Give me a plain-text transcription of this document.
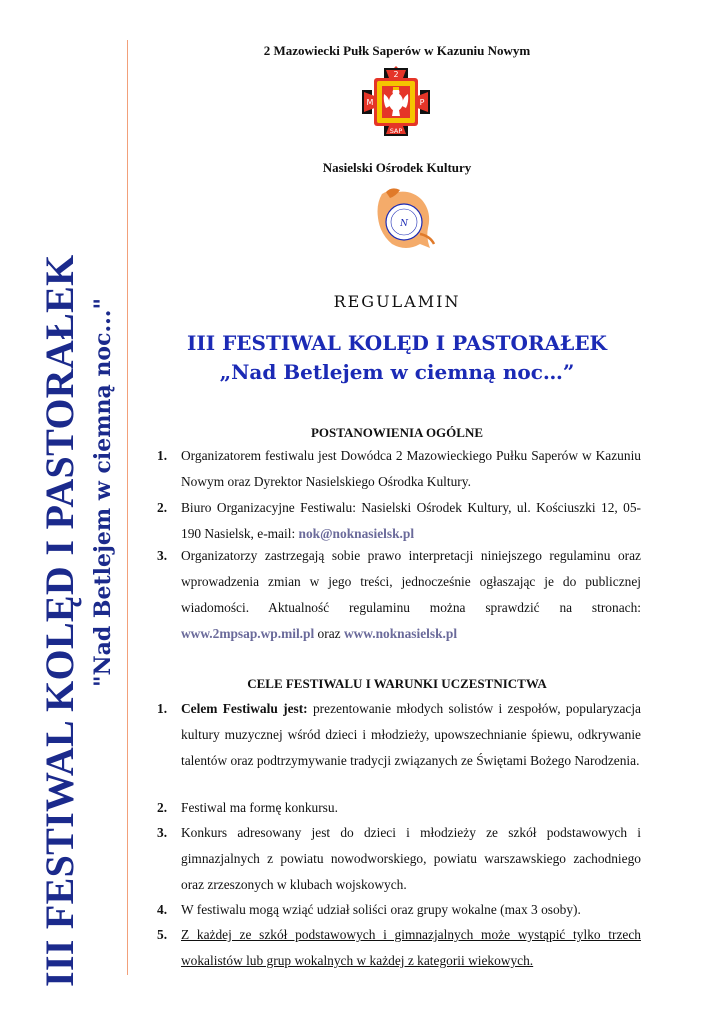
III FESTIWAL KOLĘD I PASTORAŁEK "Nad Betlejem w ciemną noc..."
2 Mazowiecki Pułk Saperów w Kazuniu Nowym
2
M	P
SAP
Nasielski Ośrodek Kultury
N
REGULAMIN
III FESTIWAL KOLĘD I PASTORAŁEK
„Nad Betlejem w ciemną noc…”
POSTANOWIENIA OGÓLNE
1.	Organizatorem festiwalu jest Dowódca 2 Mazowieckiego Pułku Saperów w Kazuniu Nowym oraz Dyrektor Nasielskiego Ośrodka Kultury.
2.	Biuro Organizacyjne Festiwalu: Nasielski Ośrodek Kultury, ul. Kościuszki 12, 05-190 Nasielsk, e-mail: nok@noknasielsk.pl
3.	Organizatorzy zastrzegają sobie prawo interpretacji niniejszego regulaminu oraz wprowadzenia zmian w jego treści, jednocześnie ogłaszając je do publicznej wiadomości. Aktualność regulaminu można sprawdzić na stronach: www.2mpsap.wp.mil.pl oraz www.noknasielsk.pl
CELE FESTIWALU I WARUNKI UCZESTNICTWA
1.	Celem Festiwalu jest: prezentowanie młodych solistów i zespołów, popularyzacja kultury muzycznej wśród dzieci i młodzieży, upowszechnianie śpiewu, odkrywanie talentów oraz podtrzymywanie tradycji związanych ze Świętami Bożego Narodzenia.
2.	Festiwal ma formę konkursu.
3.	Konkurs adresowany jest do dzieci i młodzieży ze szkół podstawowych i gimnazjalnych z powiatu nowodworskiego, powiatu warszawskiego zachodniego oraz zrzeszonych w klubach wojskowych.
4.	W festiwalu mogą wziąć udział soliści oraz grupy wokalne (max 3 osoby).
5.	Z każdej ze szkół podstawowych i gimnazjalnych może wystąpić tylko trzech wokalistów lub grup wokalnych w każdej z kategorii wiekowych.
